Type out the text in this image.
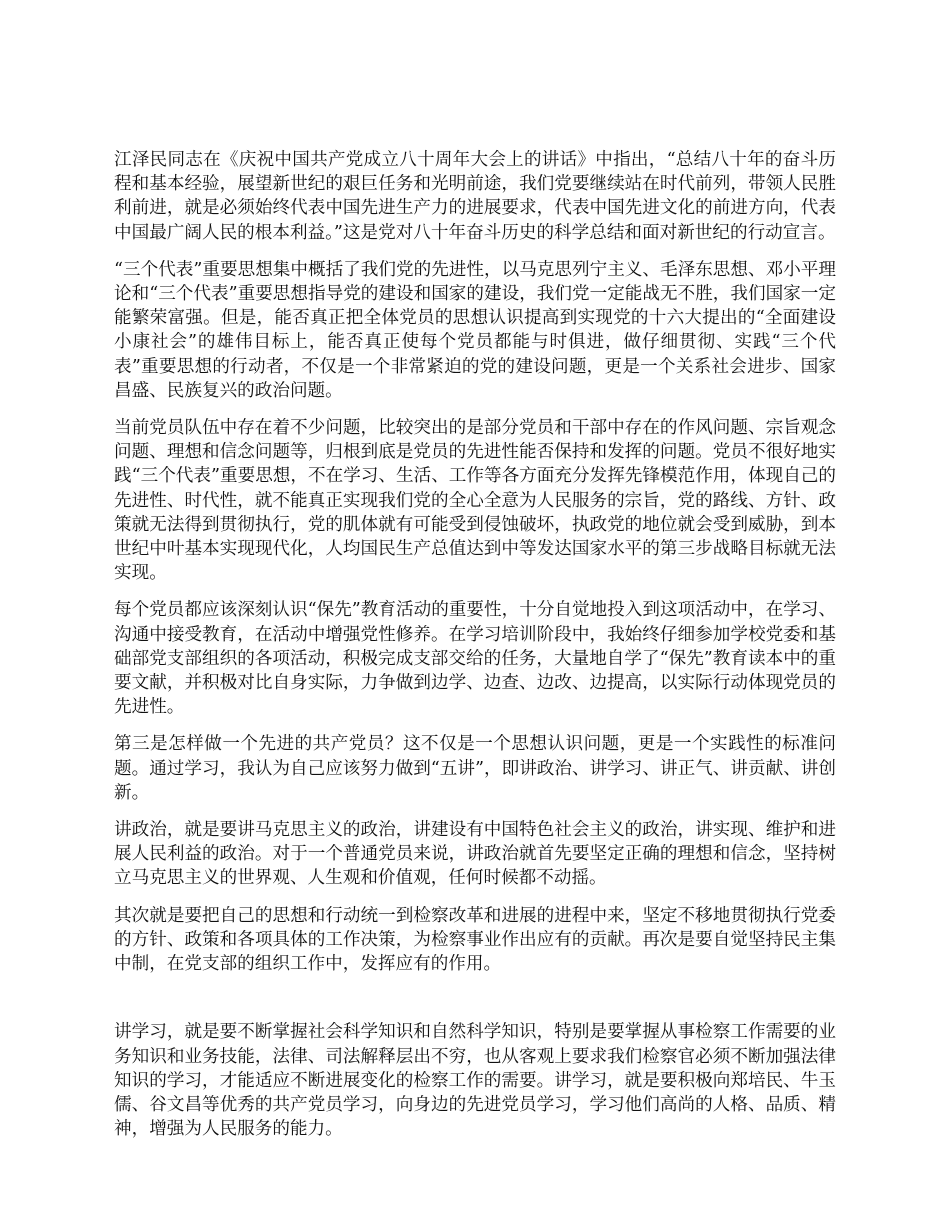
江泽民同志在《庆祝中国共产党成立八十周年大会上的讲话》中指出，“总结八十年的奋斗历程和基本经验，展望新世纪的艰巨任务和光明前途，我们党要继续站在时代前列，带领人民胜利前进，就是必须始终代表中国先进生产力的进展要求，代表中国先进文化的前进方向，代表中国最广阔人民的根本利益。”这是党对八十年奋斗历史的科学总结和面对新世纪的行动宣言。

“三个代表”重要思想集中概括了我们党的先进性，以马克思列宁主义、毛泽东思想、邓小平理论和“三个代表”重要思想指导党的建设和国家的建设，我们党一定能战无不胜，我们国家一定能繁荣富强。但是，能否真正把全体党员的思想认识提高到实现党的十六大提出的“全面建设小康社会”的雄伟目标上，能否真正使每个党员都能与时俱进，做仔细贯彻、实践“三个代表”重要思想的行动者，不仅是一个非常紧迫的党的建设问题，更是一个关系社会进步、国家昌盛、民族复兴的政治问题。

当前党员队伍中存在着不少问题，比较突出的是部分党员和干部中存在的作风问题、宗旨观念问题、理想和信念问题等，归根到底是党员的先进性能否保持和发挥的问题。党员不很好地实践“三个代表”重要思想，不在学习、生活、工作等各方面充分发挥先锋模范作用，体现自己的先进性、时代性，就不能真正实现我们党的全心全意为人民服务的宗旨，党的路线、方针、政策就无法得到贯彻执行，党的肌体就有可能受到侵蚀破坏，执政党的地位就会受到威胁，到本世纪中叶基本实现现代化，人均国民生产总值达到中等发达国家水平的第三步战略目标就无法实现。

每个党员都应该深刻认识“保先”教育活动的重要性，十分自觉地投入到这项活动中，在学习、沟通中接受教育，在活动中增强党性修养。在学习培训阶段中，我始终仔细参加学校党委和基础部党支部组织的各项活动，积极完成支部交给的任务，大量地自学了“保先”教育读本中的重要文献，并积极对比自身实际，力争做到边学、边查、边改、边提高，以实际行动体现党员的先进性。

第三是怎样做一个先进的共产党员？这不仅是一个思想认识问题，更是一个实践性的标准问题。通过学习，我认为自己应该努力做到“五讲”，即讲政治、讲学习、讲正气、讲贡献、讲创新。

讲政治，就是要讲马克思主义的政治，讲建设有中国特色社会主义的政治，讲实现、维护和进展人民利益的政治。对于一个普通党员来说，讲政治就首先要坚定正确的理想和信念，坚持树立马克思主义的世界观、人生观和价值观，任何时候都不动摇。

其次就是要把自己的思想和行动统一到检察改革和进展的进程中来，坚定不移地贯彻执行党委的方针、政策和各项具体的工作决策，为检察事业作出应有的贡献。再次是要自觉坚持民主集中制，在党支部的组织工作中，发挥应有的作用。

讲学习，就是要不断掌握社会科学知识和自然科学知识，特别是要掌握从事检察工作需要的业务知识和业务技能，法律、司法解释层出不穷，也从客观上要求我们检察官必须不断加强法律知识的学习，才能适应不断进展变化的检察工作的需要。讲学习，就是要积极向郑培民、牛玉儒、谷文昌等优秀的共产党员学习，向身边的先进党员学习，学习他们高尚的人格、品质、精神，增强为人民服务的能力。
